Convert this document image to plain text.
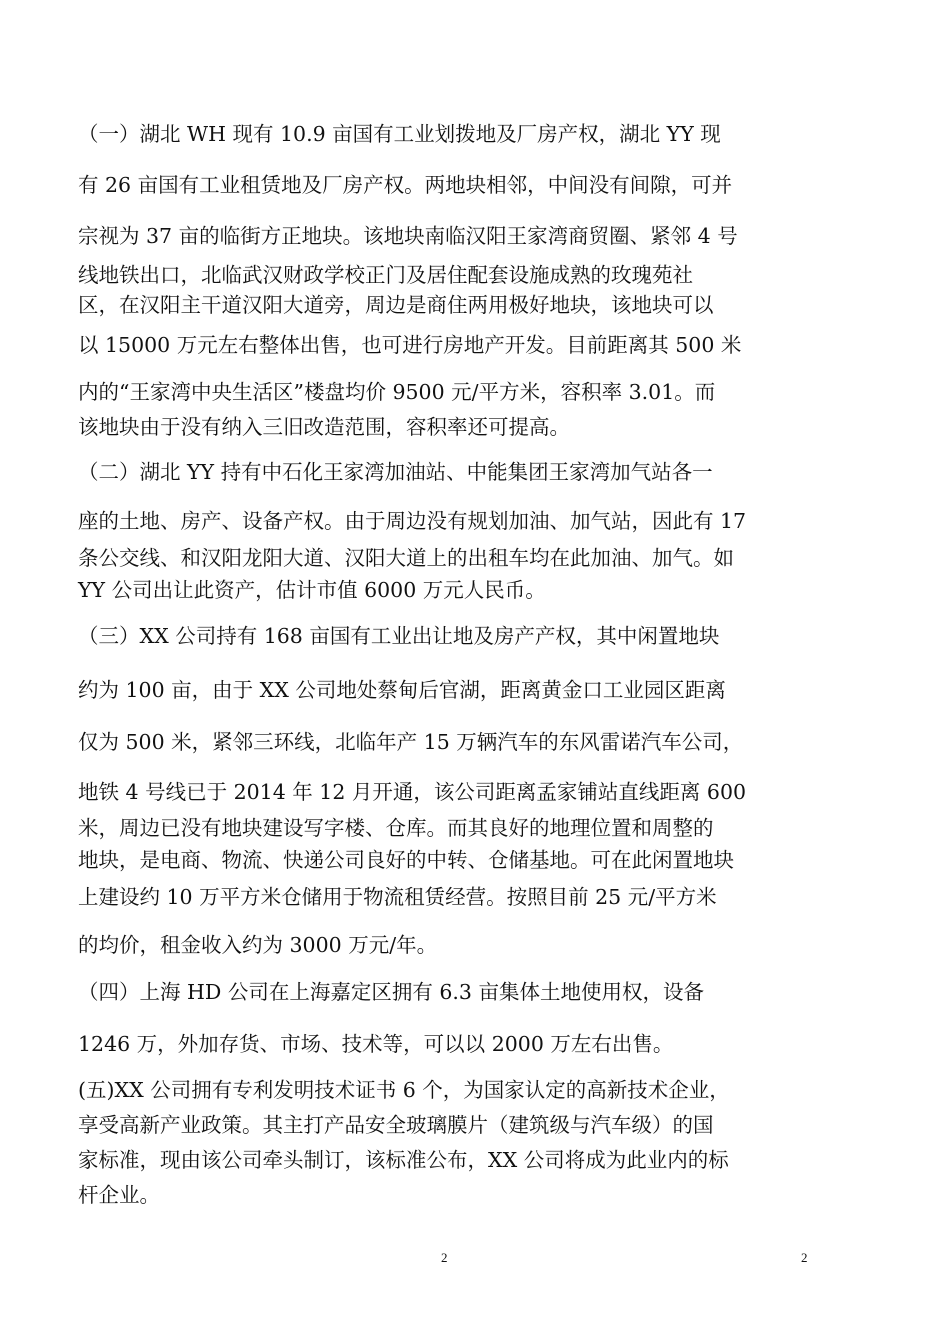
（一）湖北 WH 现有 10.9 亩国有工业划拨地及厂房产权，湖北 YY 现
有 26 亩国有工业租赁地及厂房产权。两地块相邻，中间没有间隙，可并
宗视为 37 亩的临街方正地块。该地块南临汉阳王家湾商贸圈、紧邻 4 号
线地铁出口，北临武汉财政学校正门及居住配套设施成熟的玫瑰苑社
区，在汉阳主干道汉阳大道旁，周边是商住两用极好地块，该地块可以
以 15000 万元左右整体出售，也可进行房地产开发。目前距离其 500 米
内的“王家湾中央生活区”楼盘均价 9500 元/平方米，容积率 3.01。而
该地块由于没有纳入三旧改造范围，容积率还可提高。
（二）湖北 YY 持有中石化王家湾加油站、中能集团王家湾加气站各一
座的土地、房产、设备产权。由于周边没有规划加油、加气站，因此有 17
条公交线、和汉阳龙阳大道、汉阳大道上的出租车均在此加油、加气。如
YY 公司出让此资产，估计市值 6000 万元人民币。
（三）XX 公司持有 168 亩国有工业出让地及房产产权，其中闲置地块
约为 100 亩，由于 XX 公司地处蔡甸后官湖，距离黄金口工业园区距离
仅为 500 米，紧邻三环线，北临年产 15 万辆汽车的东风雷诺汽车公司，
地铁 4 号线已于 2014 年 12 月开通，该公司距离孟家铺站直线距离 600
米，周边已没有地块建设写字楼、仓库。而其良好的地理位置和周整的
地块，是电商、物流、快递公司良好的中转、仓储基地。可在此闲置地块
上建设约 10 万平方米仓储用于物流租赁经营。按照目前 25 元/平方米
的均价，租金收入约为 3000 万元/年。
（四）上海 HD 公司在上海嘉定区拥有 6.3 亩集体土地使用权，设备
1246 万，外加存货、市场、技术等，可以以 2000 万左右出售。
(五)XX 公司拥有专利发明技术证书 6 个，为国家认定的高新技术企业，
享受高新产业政策。其主打产品安全玻璃膜片（建筑级与汽车级）的国
家标准，现由该公司牵头制订，该标准公布，XX 公司将成为此业内的标
杆企业。
2	2
